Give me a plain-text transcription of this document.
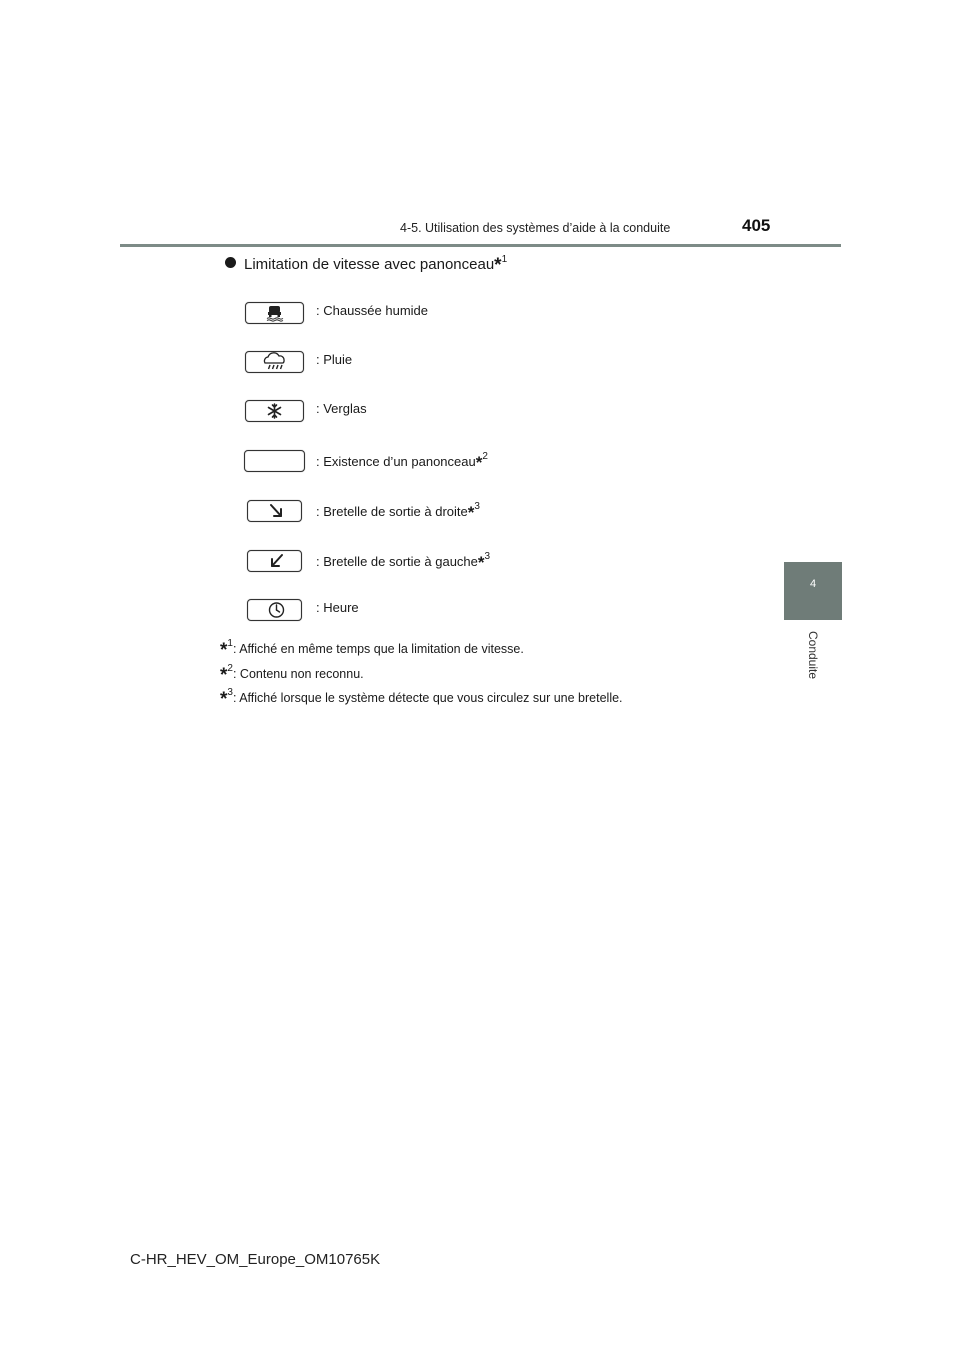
4-5. Utilisation des systèmes d’aide à la conduite	405
4
Conduite
Limitation de vitesse avec panonceau*$^1$
: Chaussée humide
: Pluie
: Verglas
: Existence d’un panonceau*$^2$
: Bretelle de sortie à droite*$^3$
: Bretelle de sortie à gauche*$^3$
: Heure
*$^1$: Affiché en même temps que la limitation de vitesse.
*$^2$: Contenu non reconnu.
*$^3$: Affiché lorsque le système détecte que vous circulez sur une bretelle.
C-HR_HEV_OM_Europe_OM10765K
